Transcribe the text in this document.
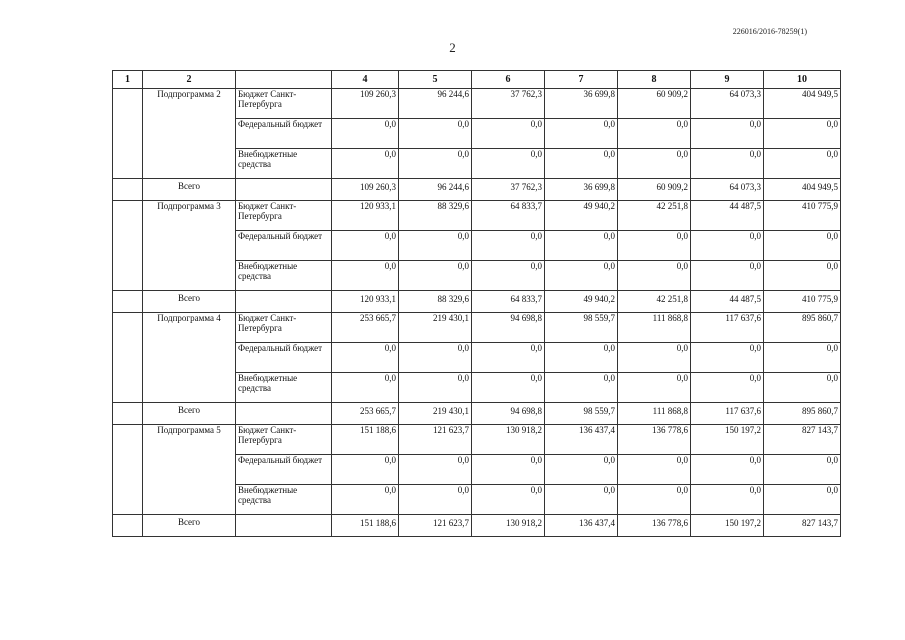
226016/2016-78259(1)
2
1	2		4	5	6	7	8	9	10
	Подпрограмма 2	Бюджет Санкт-Петербурга	109 260,3	96 244,6	37 762,3	36 699,8	60 909,2	64 073,3	404 949,5
		Федеральный бюджет	0,0	0,0	0,0	0,0	0,0	0,0	0,0
		Внебюджетные средства	0,0	0,0	0,0	0,0	0,0	0,0	0,0
	Всего		109 260,3	96 244,6	37 762,3	36 699,8	60 909,2	64 073,3	404 949,5
	Подпрограмма 3	Бюджет Санкт-Петербурга	120 933,1	88 329,6	64 833,7	49 940,2	42 251,8	44 487,5	410 775,9
		Федеральный бюджет	0,0	0,0	0,0	0,0	0,0	0,0	0,0
		Внебюджетные средства	0,0	0,0	0,0	0,0	0,0	0,0	0,0
	Всего		120 933,1	88 329,6	64 833,7	49 940,2	42 251,8	44 487,5	410 775,9
	Подпрограмма 4	Бюджет Санкт-Петербурга	253 665,7	219 430,1	94 698,8	98 559,7	111 868,8	117 637,6	895 860,7
		Федеральный бюджет	0,0	0,0	0,0	0,0	0,0	0,0	0,0
		Внебюджетные средства	0,0	0,0	0,0	0,0	0,0	0,0	0,0
	Всего		253 665,7	219 430,1	94 698,8	98 559,7	111 868,8	117 637,6	895 860,7
	Подпрограмма 5	Бюджет Санкт-Петербурга	151 188,6	121 623,7	130 918,2	136 437,4	136 778,6	150 197,2	827 143,7
		Федеральный бюджет	0,0	0,0	0,0	0,0	0,0	0,0	0,0
		Внебюджетные средства	0,0	0,0	0,0	0,0	0,0	0,0	0,0
	Всего		151 188,6	121 623,7	130 918,2	136 437,4	136 778,6	150 197,2	827 143,7
